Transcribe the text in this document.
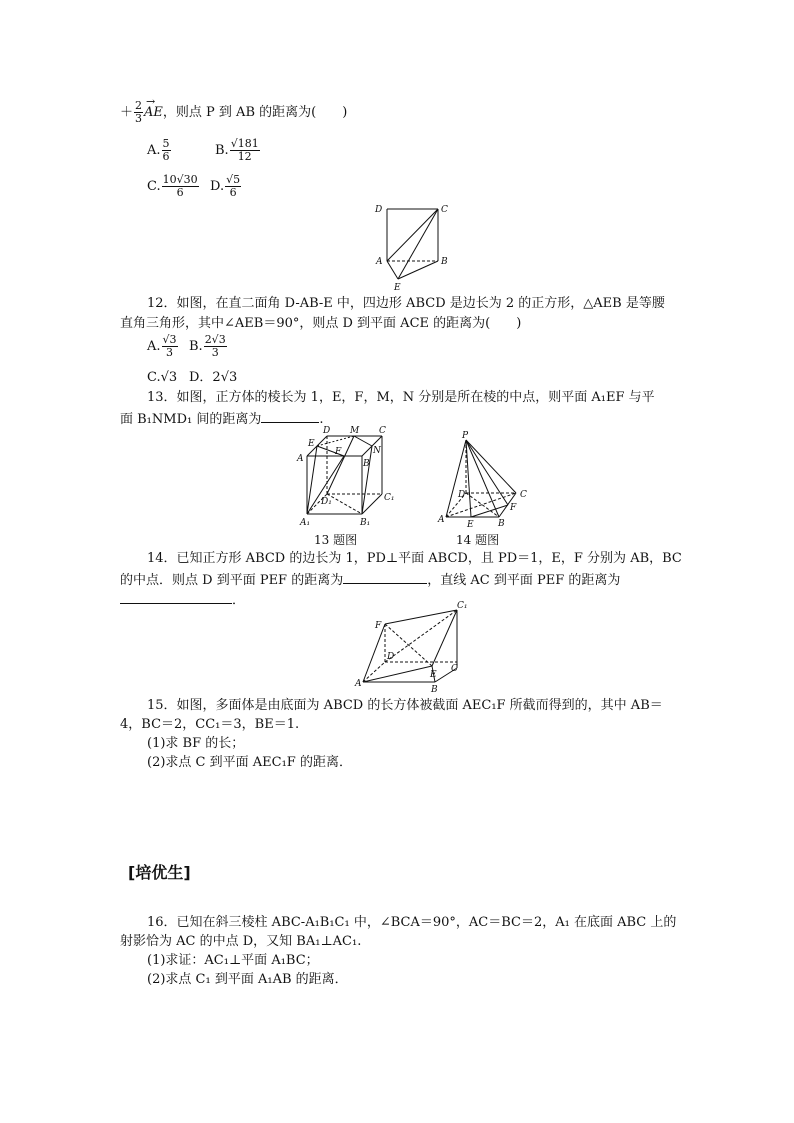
＋ $\frac{2}{3}$ →
AE，则点 P 到 AB 的距离为(　　)
A. $\frac{5}{6}$	B. $\frac{√181}{12}$
C. $\frac{10√30}{6} D$. $\frac{√5}{6}$
D	C
A	B
E
12．如图，在直二面角 D-AB-E 中，四边形 ABCD 是边长为 2 的正方形，△AEB 是等腰直角三角形，其中∠AEB＝90°，则点 D 到平面 ACE 的距离为(　　)
A. $\frac{√3}{3} B$. $\frac{2√3}{3}$
C.√3 D．2√3
13．如图，正方体的棱长为 1，E，F，M，N 分别是所在棱的中点，则平面 A₁EF 与平
面 B₁NMD₁ 间的距离为	.
D M C
E
F
A
N
B
D₁	C₁
A₁	B₁
13 题图
P
D	C
A	E	B
F
14 题图
14．已知正方形 ABCD 的边长为 1，PD⊥平面 ABCD，且 PD＝1，E，F 分别为 AB，BC
的中点．则点 D 到平面 PEF 的距离为	，直线 AC 到平面 PEF 的距离为
．	C₁
F
D
A
E
C
B
15．如图，多面体是由底面为 ABCD 的长方体被截面 AEC₁F 所截而得到的，其中 AB＝
4，BC＝2，CC₁＝3，BE＝1.
(1)求 BF 的长；
(2)求点 C 到平面 AEC₁F 的距离．
[培优生]
16．已知在斜三棱柱 ABC-A₁B₁C₁ 中，∠BCA＝90°，AC＝BC＝2，A₁ 在底面 ABC 上的
射影恰为 AC 的中点 D，又知 BA₁⊥AC₁.
(1)求证：AC₁⊥平面 A₁BC；
(2)求点 C₁ 到平面 A₁AB 的距离．
